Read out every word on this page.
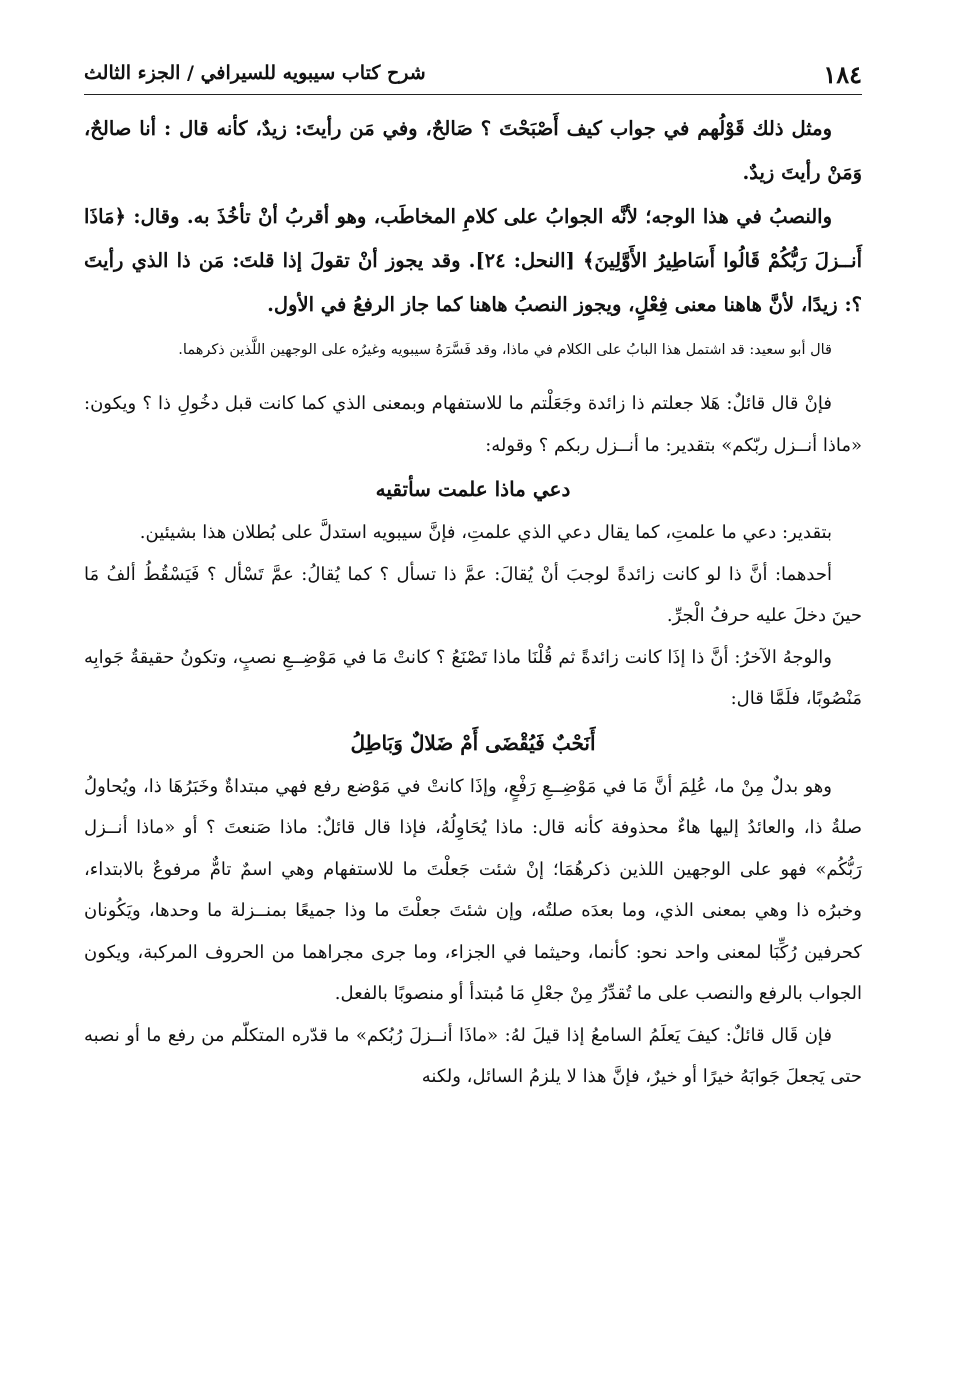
١٨٤
شرح كتاب سيبويه للسيرافي / الجزء الثالث

ومثل ذلك قَوْلُهم في جواب كيف أَصْبَحْتَ ؟ صَالحٌ، وفي مَن رأيتَ: زيدٌ، كأنه قال : أنا صالحٌ، وَمَنْ رأيتَ زيدٌ.

والنصبُ في هذا الوجه؛ لأنَّه الجوابُ على كلامِ المخاطَب، وهو أقربُ أنْ تأخُذَ به. وقال: ﴿مَاذَا أَنــزلَ رَبُّكُمْ قَالُوا أَسَاطِيرُ الأَوَّلِينَ﴾ [النحل: ٢٤]. وقد يجوز أنْ تقولَ إذا قلتَ: مَن ذا الذي رأيتَ ؟: زيدًا، لأنَّ هاهنا معنى فِعْلٍ، ويجوز النصبُ هاهنا كما جاز الرفعُ في الأول.

قال أبو سعيد: قد اشتمل هذا البابُ على الكلام في ماذا، وقد فَسَّرَهُ سيبويه وغيرُه على الوجهين اللَّذين ذكرهما.

فإنْ قال قائلٌ: هَلا جعلتم ذا زائدة وجَعَلْتم ما للاستفهام وبمعنى الذي كما كانت قبل دخُولِ ذا ؟ ويكون: «ماذا أنــزل ربّكم» بتقدير: ما أنــزل ربكم ؟ وقوله:

دعي ماذا علمت سأتقيه

بتقدير: دعي ما علمتِ، كما يقال دعي الذي علمتِ، فإنَّ سيبويه استدلَّ على بُطلان هذا بشيئين.

أحدهما: أنَّ ذا لو كانت زائدةً لوجبَ أنْ يُقالَ: عمَّ ذا تسأل ؟ كما يُقالُ: عمَّ تَسْأل ؟ فَيَسْقُطُ ألفُ مَا حينَ دخلَ عليه حرفُ الْجرِّ.

والوجهُ الآخرُ: أنَّ ذا إذَا كانت زائدةً ثم قُلْنَا ماذا تَصْنَعُ ؟ كانتْ مَا في مَوْضِــعِ نصبٍ، وتكونُ حقيقةُ جَوابِه مَنْصُوبًا، فلَمَّا قال:

أَنَحْبٌ فَيُقْضَى أَمْ ضَلالٌ وَبَاطِلُ

وهو بدلٌ مِنْ ما، عُلِمَ أنَّ مَا في مَوْضِــعِ رَفْعٍ، وإذَا كانتْ في مَوْضع رفع فهي مبتداةٌ وخَبَرُهَا ذا، ويُحاولُ صلةُ ذا، والعائدُ إليها هاءٌ محذوفة كأنه قال: ماذا يُحَاوِلُهُ، فإذا قال قائلٌ: ماذا صَنعتَ ؟ أو «ماذا أنــزل رَبُّكُم» فهو على الوجهين اللذين ذكرهُمَا؛ إنْ شئت جَعلْتَ ما للاستفهام وهي اسمٌ تامٌّ مرفوعٌ بالابتداء، وخبرُه ذا وهي بمعنى الذي، وما بعدَه صلتُه، وإن شئتَ جعلْتَ ما وذا جميعًا بمنــزلة ما وحدها، ويَكُونان كحرفين رُكِّبَا لمعنى واحد نحو: كأنما، وحيثما في الجزاء، وما جرى مجراهما من الحروف المركبة، ويكون الجواب بالرفع والنصب على ما تُقدِّرُ مِنْ جعْلِ مَا مُبتدأ أو منصوبًا بالفعل.

فإن قَال قائلٌ: كيفَ يَعلَمُ السامعُ إذا قيلَ لهُ: «ماذَا أنــزلَ رُبُكم» ما قدّره المتكلّم من رفع ما أو نصبه حتى يَجعلَ جَوابَهُ خيرًا أو خيرٌ، فإنَّ هذا لا يلزمُ السائل، ولكنه
